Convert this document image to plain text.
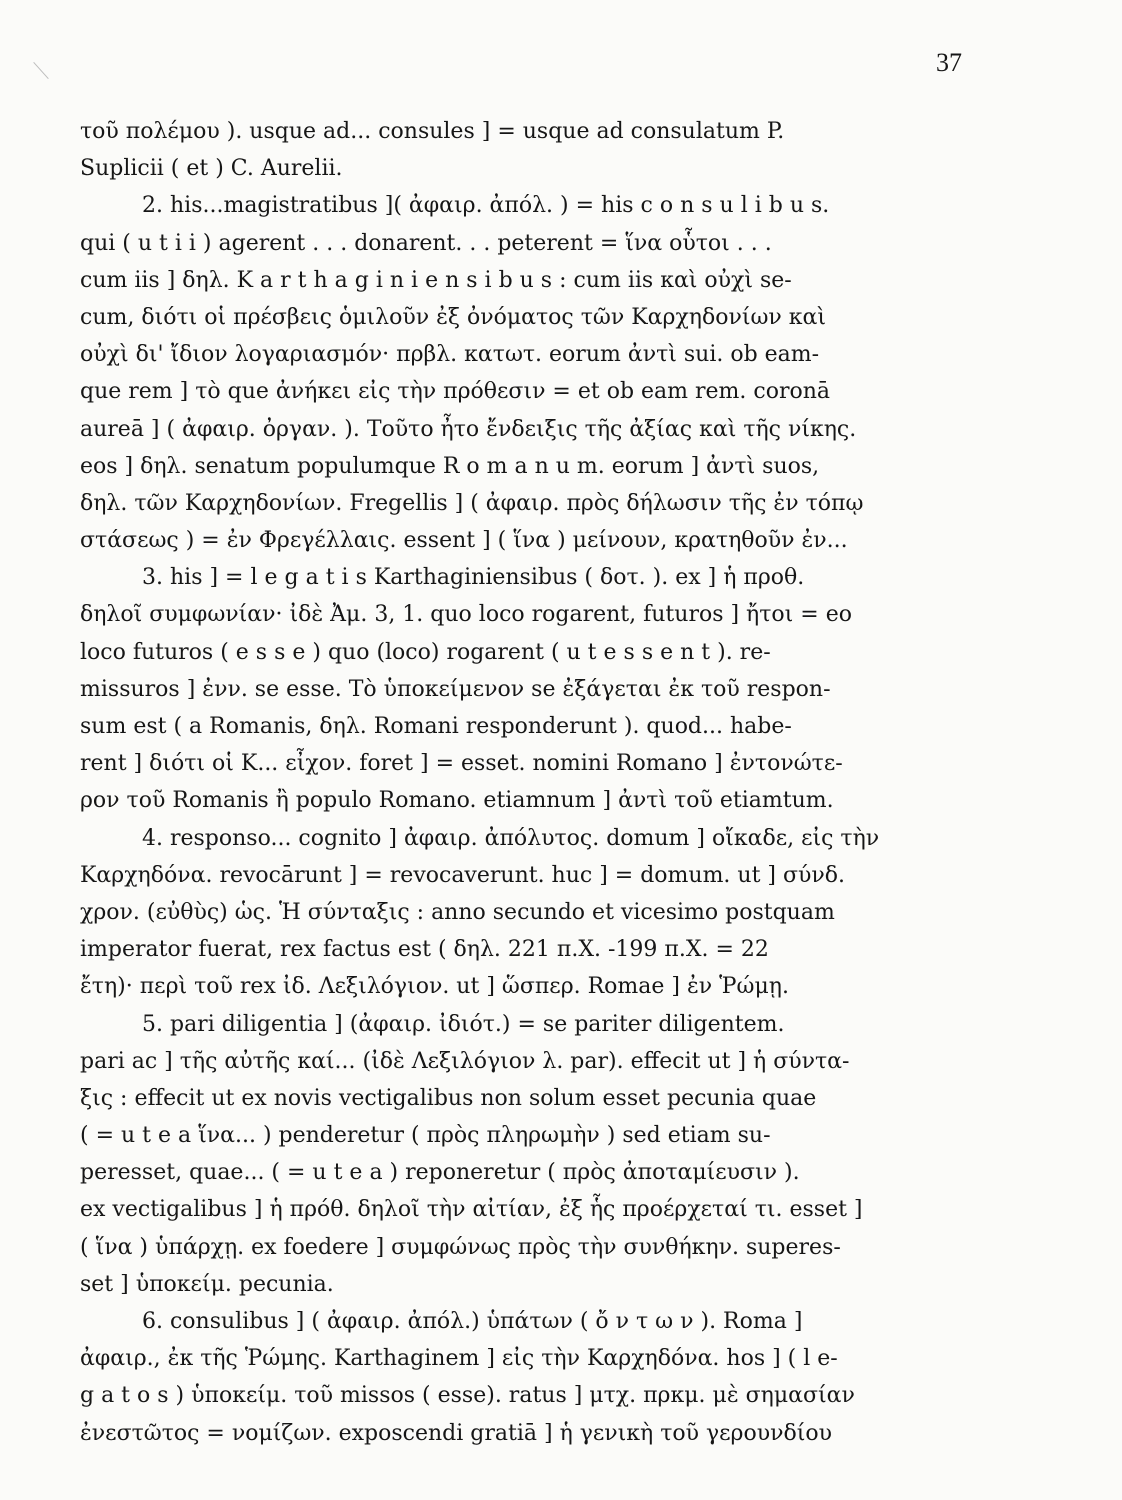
37
τοῦ πολέμου ). usque ad... consules ] = usque ad consulatum P.
Suplicii ( et ) C. Aurelii.
2. his...magistratibus ]( ἀφαιρ. ἀπόλ. ) = his c o n s u l i b u s.
qui ( u t i i ) agerent . . . donarent. . . peterent = ἵνα οὗτοι . . .
cum iis ] δηλ. K a r t h a g i n i e n s i b u s : cum iis καὶ οὐχὶ se-
cum, διότι οἱ πρέσβεις ὁμιλοῦν ἐξ ὀνόματος τῶν Καρχηδονίων καὶ
οὐχὶ δι' ἴδιον λογαριασμόν· πρβλ. κατωτ. eorum ἀντὶ sui. ob eam-
que rem ] τὸ que ἀνήκει εἰς τὴν πρόθεσιν = et ob eam rem. coronā
aureā ] ( ἀφαιρ. ὀργαν. ). Τοῦτο ἦτο ἔνδειξις τῆς ἀξίας καὶ τῆς νίκης.
eos ] δηλ. senatum populumque R o m a n u m. eorum ] ἀντὶ suos,
δηλ. τῶν Καρχηδονίων. Fregellis ] ( ἀφαιρ. πρὸς δήλωσιν τῆς ἐν τόπῳ
στάσεως ) = ἐν Φρεγέλλαις. essent ] ( ἵνα ) μείνουν, κρατηθοῦν ἐν...
3. his ] = l e g a t i s Karthaginiensibus ( δοτ. ). ex ] ἡ προθ.
δηλοῖ συμφωνίαν· ἰδὲ Ἀμ. 3, 1. quo loco rogarent, futuros ] ἤτοι = eo
loco futuros ( e s s e ) quo (loco) rogarent ( u t e s s e n t ). re-
missuros ] ἐνν. se esse. Τὸ ὑποκείμενον se ἐξάγεται ἐκ τοῦ respon-
sum est ( a Romanis, δηλ. Romani responderunt ). quod... habe-
rent ] διότι οἱ K... εἶχον. foret ] = esset. nomini Romano ] ἐντονώτε-
ρον τοῦ Romanis ἢ populo Romano. etiamnum ] ἀντὶ τοῦ etiamtum.
4. responso... cognito ] ἀφαιρ. ἀπόλυτος. domum ] οἴκαδε, εἰς τὴν
Καρχηδόνα. revocārunt ] = revocaverunt. huc ] = domum. ut ] σύνδ.
χρον. (εὐθὺς) ὡς. Ἡ σύνταξις : anno secundo et vicesimo postquam
imperator fuerat, rex factus est ( δηλ. 221 π.Χ. -199 π.Χ. = 22
ἔτη)· περὶ τοῦ rex ἰδ. Λεξιλόγιον. ut ] ὥσπερ. Romae ] ἐν Ῥώμῃ.
5. pari diligentia ] (ἀφαιρ. ἰδιότ.) = se pariter diligentem.
pari ac ] τῆς αὐτῆς καί... (ἰδὲ Λεξιλόγιον λ. par). effecit ut ] ἡ σύντα-
ξις : effecit ut ex novis vectigalibus non solum esset pecunia quae
( = u t e a ἵνα... ) penderetur ( πρὸς πληρωμὴν ) sed etiam su-
peresset, quae... ( = u t e a ) reponeretur ( πρὸς ἀποταμίευσιν ).
ex vectigalibus ] ἡ πρόθ. δηλοῖ τὴν αἰτίαν, ἐξ ἧς προέρχεταί τι. esset ]
( ἵνα ) ὑπάρχῃ. ex foedere ] συμφώνως πρὸς τὴν συνθήκην. superes-
set ] ὑποκείμ. pecunia.
6. consulibus ] ( ἀφαιρ. ἀπόλ.) ὑπάτων ( ὄ ν τ ω ν ). Roma ]
ἀφαιρ., ἐκ τῆς Ῥώμης. Karthaginem ] εἰς τὴν Καρχηδόνα. hos ] ( l e-
g a t o s ) ὑποκείμ. τοῦ missos ( esse). ratus ] μτχ. πρκμ. μὲ σημασίαν
ἐνεστῶτος = νομίζων. exposcendi gratiā ] ἡ γενικὴ τοῦ γερουνδίου
